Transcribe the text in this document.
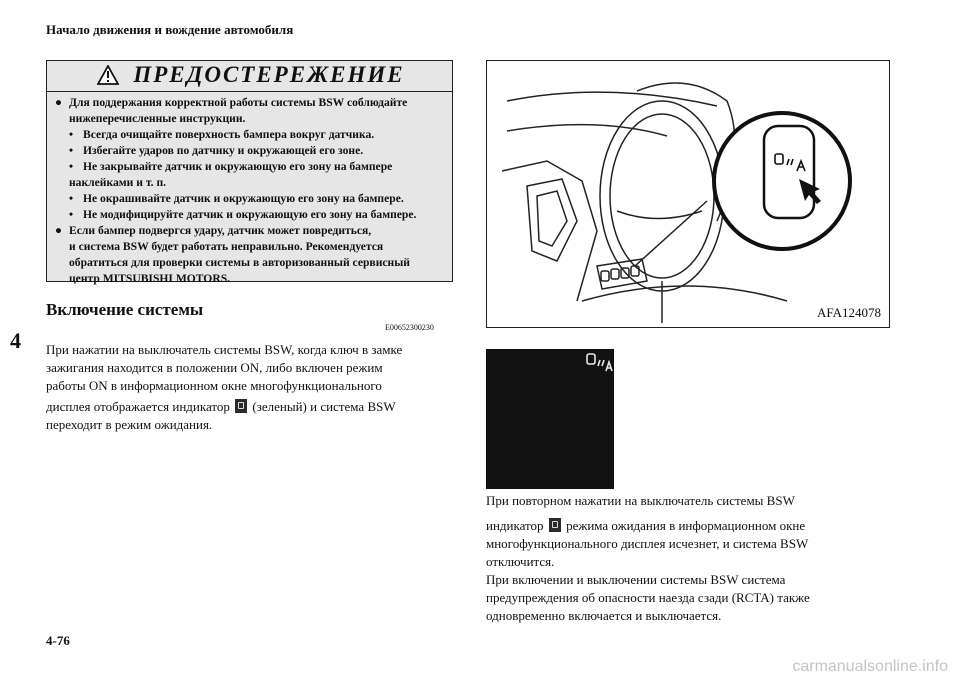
Начало движения и вождение автомобиля
4
ПРЕДОСТЕРЕЖЕНИЕ
● Для поддержания корректной работы системы BSW соблюдайте
нижеперечисленные инструкции.
• Всегда очищайте поверхность бампера вокруг датчика.
• Избегайте ударов по датчику и окружающей его зоне.
• Не закрывайте датчик и окружающую его зону на бампере
наклейками и т. п.
• Не окрашивайте датчик и окружающую его зону на бампере.
• Не модифицируйте датчик и окружающую его зону на бампере.
● Если бампер подвергся удару, датчик может повредиться,
и система BSW будет работать неправильно. Рекомендуется
обратиться для проверки системы в авторизованный сервисный
центр MITSUBISHI MOTORS.
Включение системы
E00652300230
При нажатии на выключатель системы BSW, когда ключ в замке
зажигания находится в положении ON, либо включен режим
работы ON в информационном окне многофункционального
дисплея отображается индикатор (зеленый) и система BSW
переходит в режим ожидания.
AFA124078
При повторном нажатии на выключатель системы BSW
индикатор режима ожидания в информационном окне
многофункционального дисплея исчезнет, и система BSW
отключится.
При включении и выключении системы BSW система
предупреждения об опасности наезда сзади (RCTA) также
одновременно включается и выключается.
4-76
carmanualsonline.info
